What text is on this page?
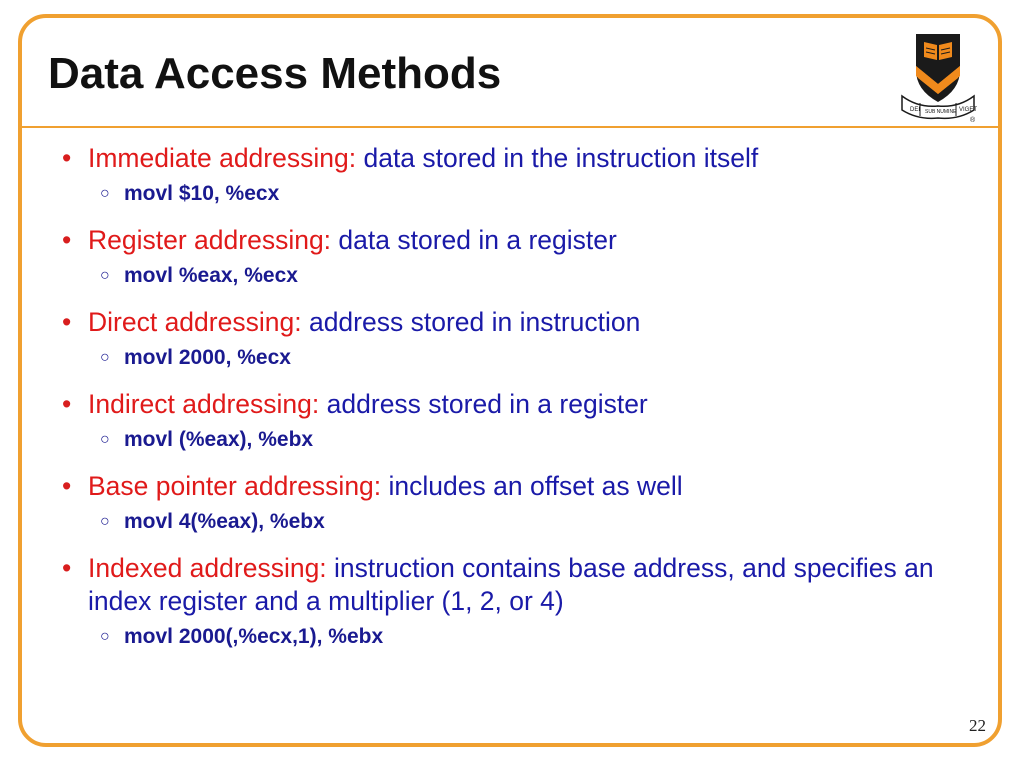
Data Access Methods
DEI SUB NUMINE VIGET
®
• Immediate addressing: data stored in the instruction itself
○ movl $10, %ecx
• Register addressing: data stored in a register
○ movl %eax, %ecx
• Direct addressing: address stored in instruction
○ movl 2000, %ecx
• Indirect addressing: address stored in a register
○ movl (%eax), %ebx
• Base pointer addressing: includes an offset as well
○ movl 4(%eax), %ebx
• Indexed addressing: instruction contains base address, and specifies an index register and a multiplier (1, 2, or 4)
○ movl 2000(,%ecx,1), %ebx
22
